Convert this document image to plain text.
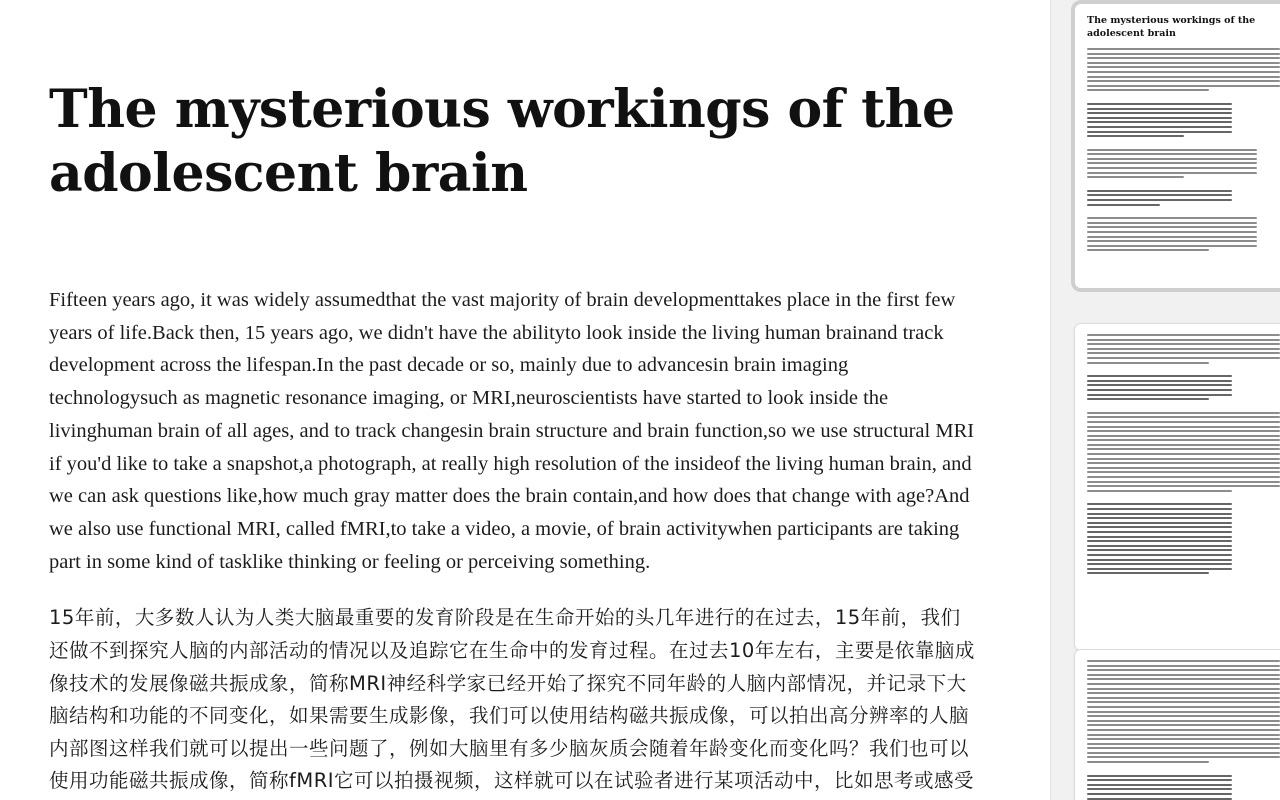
The mysterious workings of the adolescent brain

Fifteen years ago, it was widely assumedthat the vast majority of brain developmenttakes place in the first few years of life.Back then, 15 years ago, we didn't have the abilityto look inside the living human brainand track development across the lifespan.In the past decade or so, mainly due to advancesin brain imaging technologysuch as magnetic resonance imaging, or MRI,neuroscientists have started to look inside the livinghuman brain of all ages, and to track changesin brain structure and brain function,so we use structural MRI if you'd like to take a snapshot,a photograph, at really high resolution of the insideof the living human brain, and we can ask questions like,how much gray matter does the brain contain,and how does that change with age?And we also use functional MRI, called fMRI,to take a video, a movie, of brain activitywhen participants are taking part in some kind of tasklike thinking or feeling or perceiving something.

15年前，大多数人认为人类大脑最重要的发育阶段是在生命开始的头几年进行的在过去，15年前，我们还做不到探究人脑的内部活动的情况以及追踪它在生命中的发育过程。在过去10年左右，主要是依靠脑成像技术的发展像磁共振成象，简称MRI神经科学家已经开始了探究不同年龄的人脑内部情况，并记录下大脑结构和功能的不同变化，如果需要生成影像，我们可以使用结构磁共振成像，可以拍出高分辨率的人脑内部图这样我们就可以提出一些问题了，例如大脑里有多少脑灰质会随着年龄变化而变化吗？我们也可以使用功能磁共振成像，简称fMRI它可以拍摄视频，这样就可以在试验者进行某项活动中，比如思考或感受

The mysterious workings of the adolescent brain
